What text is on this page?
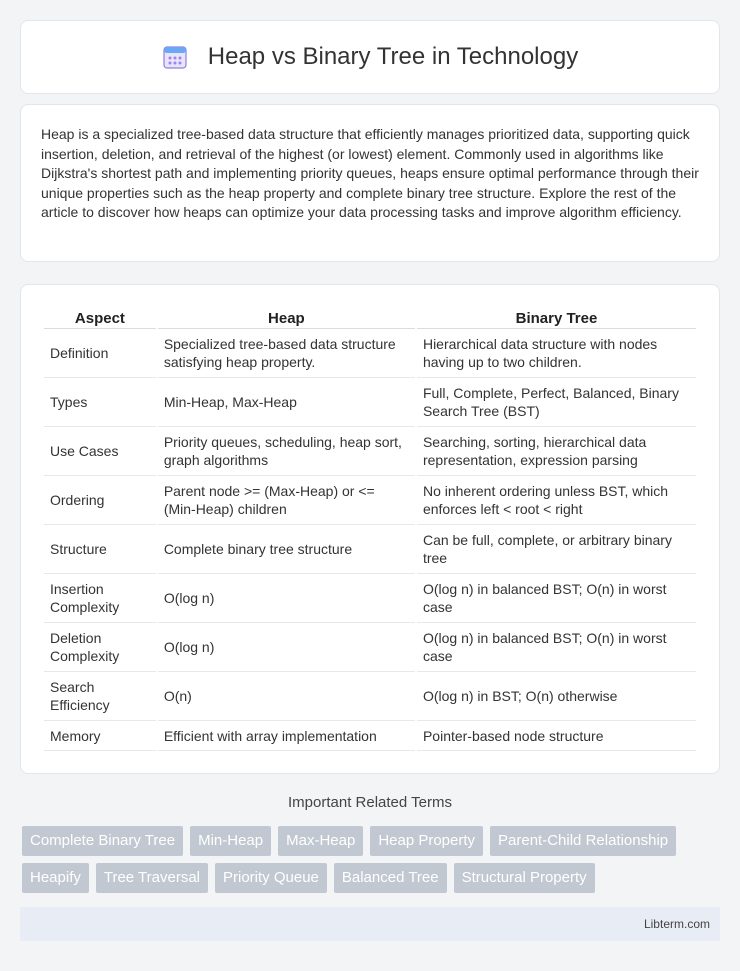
Heap vs Binary Tree in Technology

Heap is a specialized tree-based data structure that efficiently manages prioritized data, supporting quick insertion, deletion, and retrieval of the highest (or lowest) element. Commonly used in algorithms like Dijkstra's shortest path and implementing priority queues, heaps ensure optimal performance through their unique properties such as the heap property and complete binary tree structure. Explore the rest of the article to discover how heaps can optimize your data processing tasks and improve algorithm efficiency.

Aspect	Heap	Binary Tree
Definition	Specialized tree-based data structure satisfying heap property.	Hierarchical data structure with nodes having up to two children.
Types	Min-Heap, Max-Heap	Full, Complete, Perfect, Balanced, Binary Search Tree (BST)
Use Cases	Priority queues, scheduling, heap sort, graph algorithms	Searching, sorting, hierarchical data representation, expression parsing
Ordering	Parent node >= (Max-Heap) or <= (Min-Heap) children	No inherent ordering unless BST, which enforces left < root < right
Structure	Complete binary tree structure	Can be full, complete, or arbitrary binary tree
Insertion Complexity	O(log n)	O(log n) in balanced BST; O(n) in worst case
Deletion Complexity	O(log n)	O(log n) in balanced BST; O(n) in worst case
Search Efficiency	O(n)	O(log n) in BST; O(n) otherwise
Memory	Efficient with array implementation	Pointer-based node structure
Important Related Terms
Complete Binary Tree	Min-Heap	Max-Heap	Heap Property	Parent-Child Relationship
Heapify	Tree Traversal	Priority Queue	Balanced Tree	Structural Property
Libterm.com
